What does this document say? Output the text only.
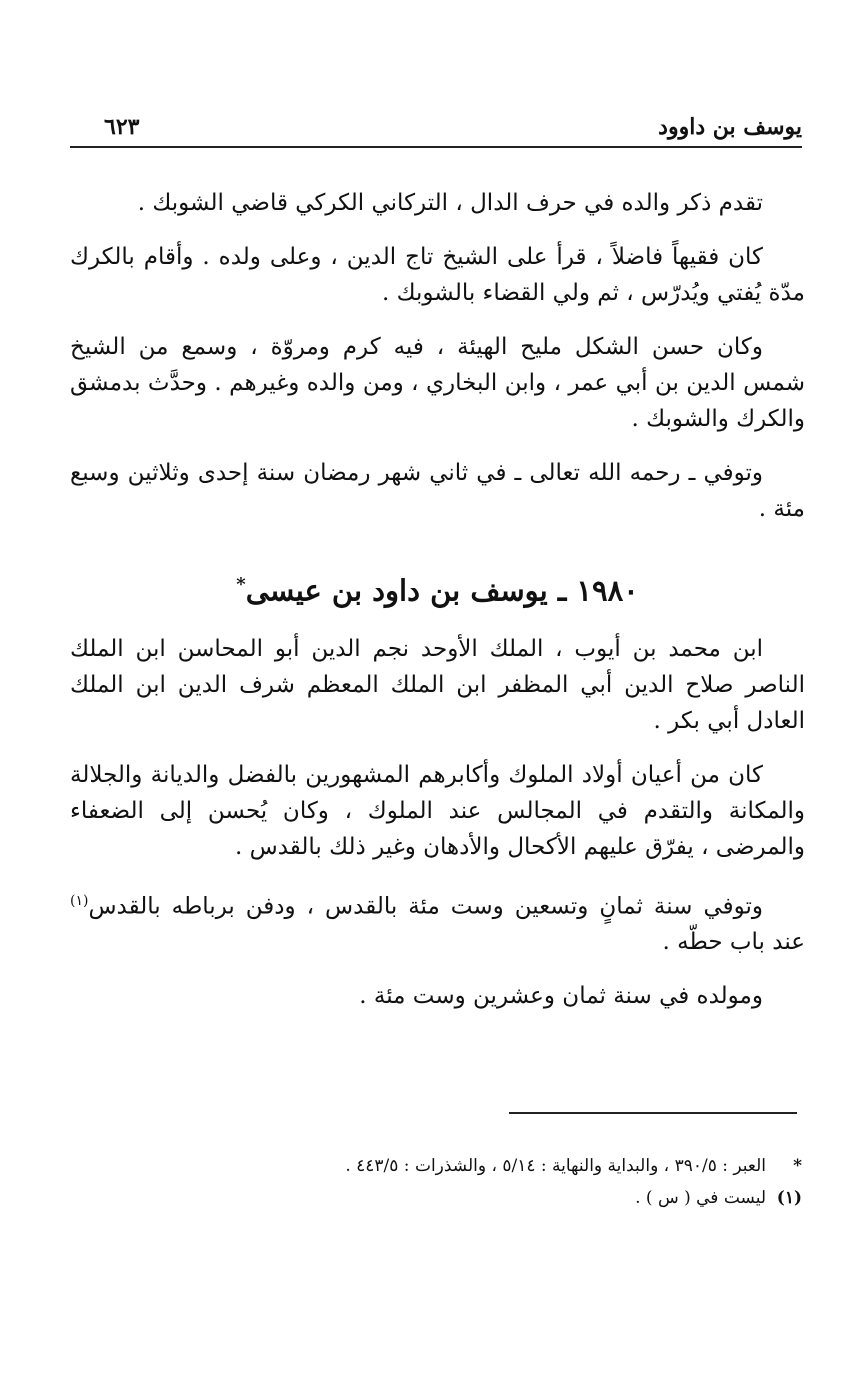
يوسف بن داوود
٦٢٣

تقدم ذكر والده في حرف الدال ، التركاني الكركي قاضي الشوبك .

كان فقيهاً فاضلاً ، قرأ على الشيخ تاج الدين ، وعلى ولده . وأقام بالكرك مدّة يُفتي ويُدرّس ، ثم ولي القضاء بالشوبك .

وكان حسن الشكل مليح الهيئة ، فيه كرم ومروّة ، وسمع من الشيخ شمس الدين بن أبي عمر ، وابن البخاري ، ومن والده وغيرهم . وحدَّث بدمشق والكرك والشوبك .

وتوفي ـ رحمه الله تعالى ـ في ثاني شهر رمضان سنة إحدى وثلاثين وسبع مئة .

١٩٨٠ ـ يوسف بن داود بن عيسى*

ابن محمد بن أيوب ، الملك الأوحد نجم الدين أبو المحاسن ابن الملك الناصر صلاح الدين أبي المظفر ابن الملك المعظم شرف الدين ابن الملك العادل أبي بكر .

كان من أعيان أولاد الملوك وأكابرهم المشهورين بالفضل والديانة والجلالة والمكانة والتقدم في المجالس عند الملوك ، وكان يُحسن إلى الضعفاء والمرضى ، يفرّق عليهم الأكحال والأدهان وغير ذلك بالقدس .

وتوفي سنة ثمانٍ وتسعين وست مئة بالقدس ، ودفن برباطه بالقدس$^{(١)}$ عند باب حطّه .

ومولده في سنة ثمان وعشرين وست مئة .

*
العبر : ٣٩٠/٥ ، والبداية والنهاية : ٥/١٤ ، والشذرات : ٤٤٣/٥ .
(١)
ليست في ( س ) .
